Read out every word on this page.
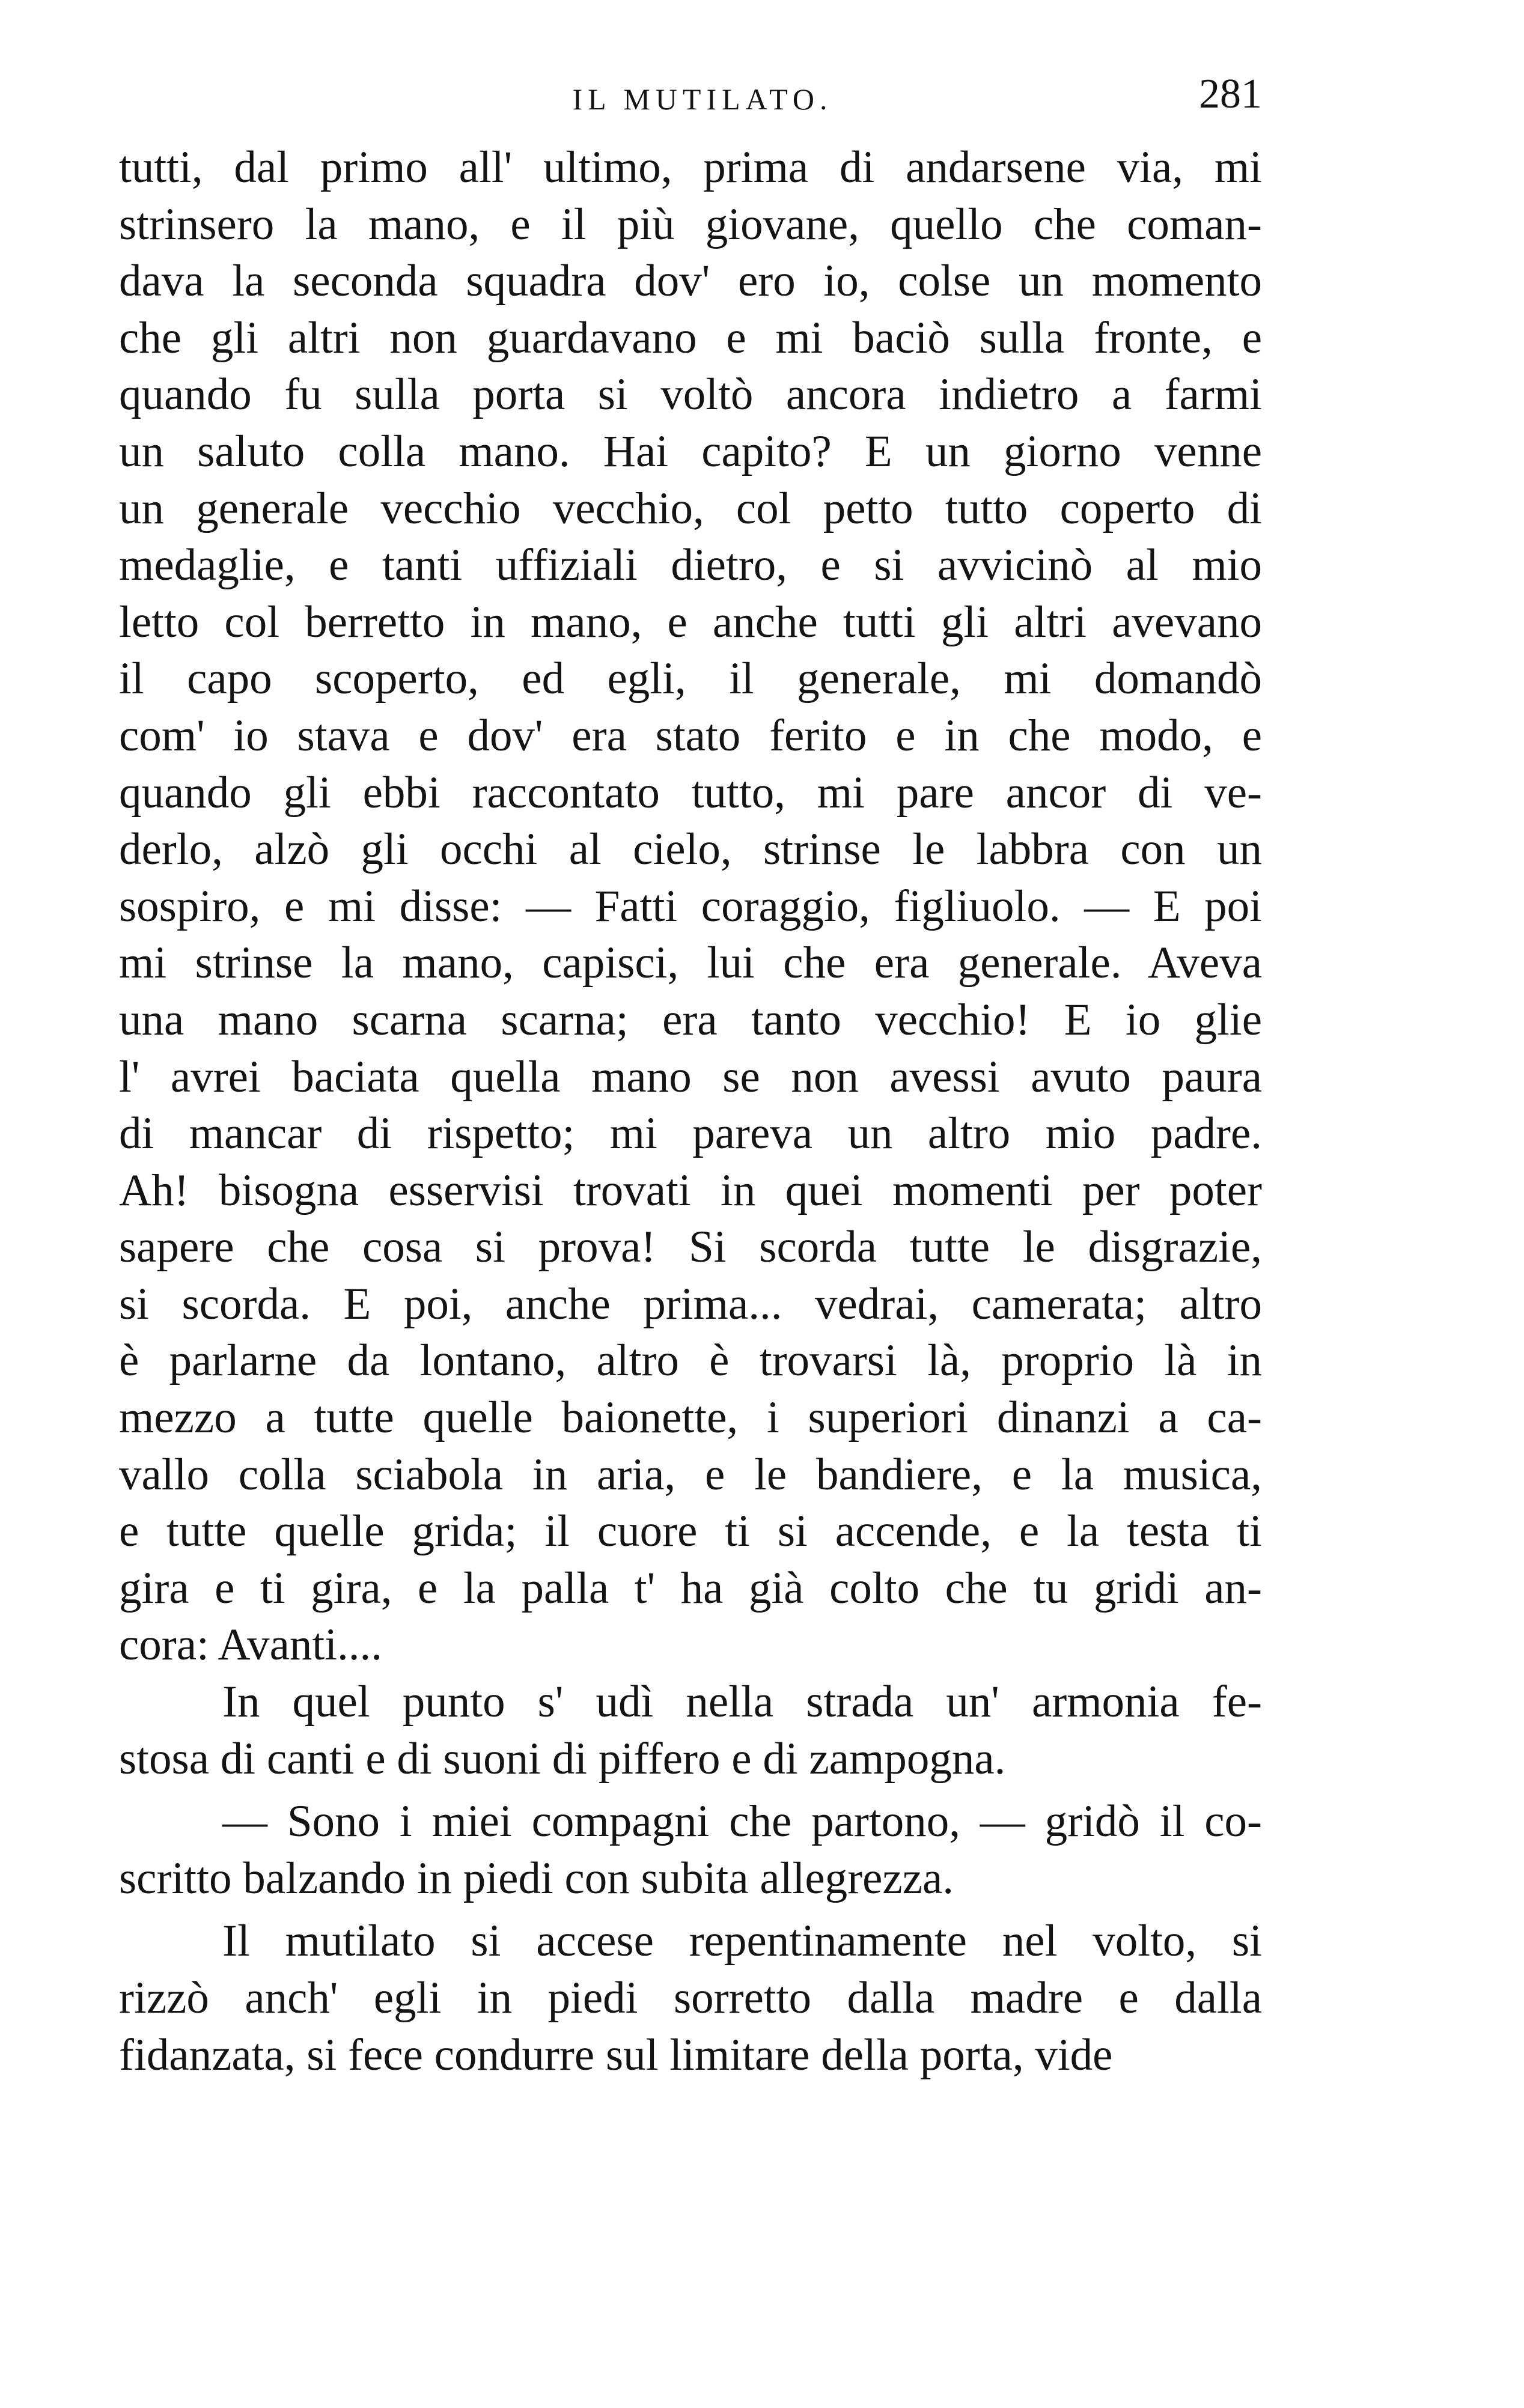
IL MUTILATO.	281
tutti, dal primo all' ultimo, prima di andarsene via, mi
strinsero la mano, e il più giovane, quello che coman-
dava la seconda squadra dov' ero io, colse un momento
che gli altri non guardavano e mi baciò sulla fronte, e
quando fu sulla porta si voltò ancora indietro a farmi
un saluto colla mano. Hai capito? E un giorno venne
un generale vecchio vecchio, col petto tutto coperto di
medaglie, e tanti uffiziali dietro, e si avvicinò al mio
letto col berretto in mano, e anche tutti gli altri avevano
il capo scoperto, ed egli, il generale, mi domandò
com' io stava e dov' era stato ferito e in che modo, e
quando gli ebbi raccontato tutto, mi pare ancor di ve-
derlo, alzò gli occhi al cielo, strinse le labbra con un
sospiro, e mi disse: — Fatti coraggio, figliuolo. — E poi
mi strinse la mano, capisci, lui che era generale. Aveva
una mano scarna scarna; era tanto vecchio! E io glie
l' avrei baciata quella mano se non avessi avuto paura
di mancar di rispetto; mi pareva un altro mio padre.
Ah! bisogna esservisi trovati in quei momenti per poter
sapere che cosa si prova! Si scorda tutte le disgrazie,
si scorda. E poi, anche prima... vedrai, camerata; altro
è parlarne da lontano, altro è trovarsi là, proprio là in
mezzo a tutte quelle baionette, i superiori dinanzi a ca-
vallo colla sciabola in aria, e le bandiere, e la musica,
e tutte quelle grida; il cuore ti si accende, e la testa ti
gira e ti gira, e la palla t' ha già colto che tu gridi an-
cora: Avanti....
In quel punto s' udì nella strada un' armonia fe-
stosa di canti e di suoni di piffero e di zampogna.
— Sono i miei compagni che partono, — gridò il co-
scritto balzando in piedi con subita allegrezza.
Il mutilato si accese repentinamente nel volto, si
rizzò anch' egli in piedi sorretto dalla madre e dalla
fidanzata, si fece condurre sul limitare della porta, vide
